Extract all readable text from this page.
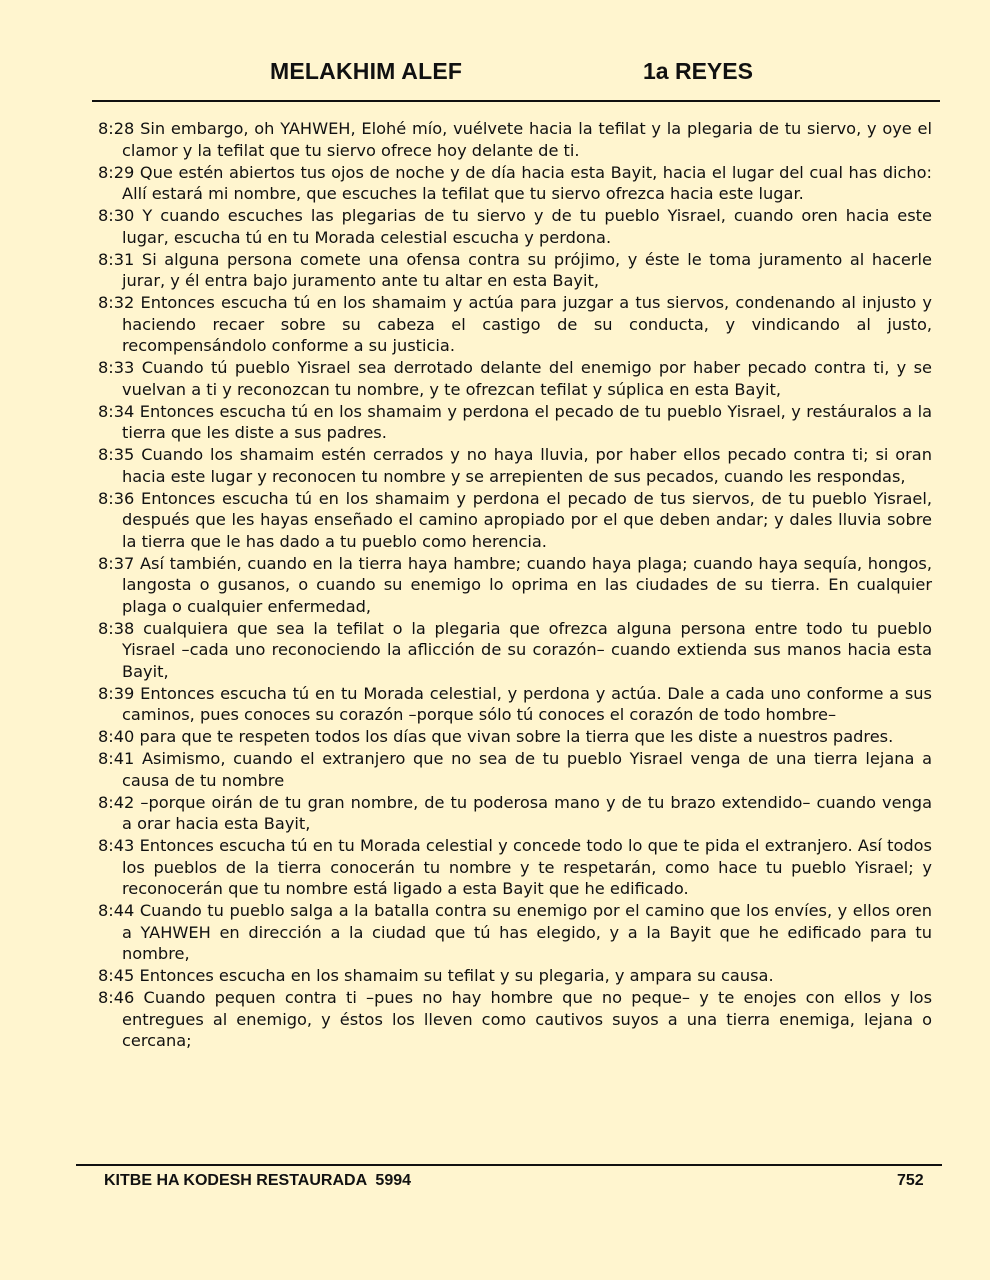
MELAKHIM ALEF	1a REYES

8:28 Sin embargo, oh YAHWEH, Elohé mío, vuélvete hacia la tefilat y la plegaria de tu siervo, y oye el clamor y la tefilat que tu siervo ofrece hoy delante de ti.

8:29 Que estén abiertos tus ojos de noche y de día hacia esta Bayit, hacia el lugar del cual has dicho: Allí estará mi nombre, que escuches la tefilat que tu siervo ofrezca hacia este lugar.

8:30 Y cuando escuches las plegarias de tu siervo y de tu pueblo Yisrael, cuando oren hacia este lugar, escucha tú en tu Morada celestial escucha y perdona.

8:31 Si alguna persona comete una ofensa contra su prójimo, y éste le toma juramento al hacerle jurar, y él entra bajo juramento ante tu altar en esta Bayit,

8:32 Entonces escucha tú en los shamaim y actúa para juzgar a tus siervos, condenando al injusto y haciendo recaer sobre su cabeza el castigo de su conducta, y vindicando al justo, recompensándolo conforme a su justicia.

8:33 Cuando tú pueblo Yisrael sea derrotado delante del enemigo por haber pecado contra ti, y se vuelvan a ti y reconozcan tu nombre, y te ofrezcan tefilat y súplica en esta Bayit,

8:34 Entonces escucha tú en los shamaim y perdona el pecado de tu pueblo Yisrael, y restáuralos a la tierra que les diste a sus padres.

8:35 Cuando los shamaim estén cerrados y no haya lluvia, por haber ellos pecado contra ti; si oran hacia este lugar y reconocen tu nombre y se arrepienten de sus pecados, cuando les respondas,

8:36 Entonces escucha tú en los shamaim y perdona el pecado de tus siervos, de tu pueblo Yisrael, después que les hayas enseñado el camino apropiado por el que deben andar; y dales lluvia sobre la tierra que le has dado a tu pueblo como herencia.

8:37 Así también, cuando en la tierra haya hambre; cuando haya plaga; cuando haya sequía, hongos, langosta o gusanos, o cuando su enemigo lo oprima en las ciudades de su tierra. En cualquier plaga o cualquier enfermedad,

8:38 cualquiera que sea la tefilat o la plegaria que ofrezca alguna persona entre todo tu pueblo Yisrael –cada uno reconociendo la aflicción de su corazón– cuando extienda sus manos hacia esta Bayit,

8:39 Entonces escucha tú en tu Morada celestial, y perdona y actúa. Dale a cada uno conforme a sus caminos, pues conoces su corazón –porque sólo tú conoces el corazón de todo hombre–

8:40 para que te respeten todos los días que vivan sobre la tierra que les diste a nuestros padres.

8:41 Asimismo, cuando el extranjero que no sea de tu pueblo Yisrael venga de una tierra lejana a causa de tu nombre

8:42 –porque oirán de tu gran nombre, de tu poderosa mano y de tu brazo extendido– cuando venga a orar hacia esta Bayit,

8:43 Entonces escucha tú en tu Morada celestial y concede todo lo que te pida el extranjero. Así todos los pueblos de la tierra conocerán tu nombre y te respetarán, como hace tu pueblo Yisrael; y reconocerán que tu nombre está ligado a esta Bayit que he edificado.

8:44 Cuando tu pueblo salga a la batalla contra su enemigo por el camino que los envíes, y ellos oren a YAHWEH en dirección a la ciudad que tú has elegido, y a la Bayit que he edificado para tu nombre,

8:45 Entonces escucha en los shamaim su tefilat y su plegaria, y ampara su causa.

8:46 Cuando pequen contra ti –pues no hay hombre que no peque– y te enojes con ellos y los entregues al enemigo, y éstos los lleven como cautivos suyos a una tierra enemiga, lejana o cercana;

KITBE HA KODESH RESTAURADA  5994	752
